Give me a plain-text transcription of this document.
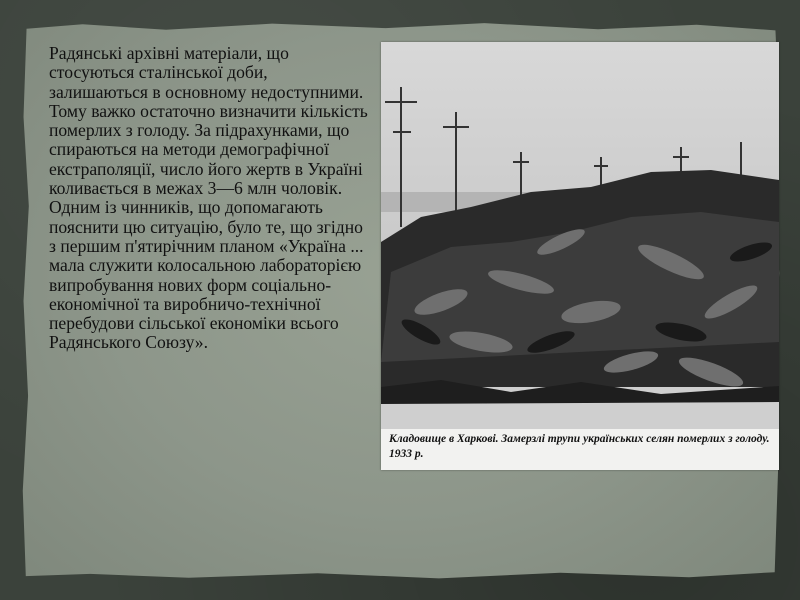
Радянські архівні матеріали, що стосуються сталінської доби, залишаються в основному недоступними. Тому важко остаточно визначити кількість померлих з голоду. За підрахунками, що спираються на методи демографічної екстраполяції, число його жертв в Україні коливається в межах 3—6 млн чоловік. Одним із чинників, що допомагають пояснити цю ситуацію, було те, що згідно з першим п'ятирічним планом «Україна ... мала служити колосальною лабораторією випробування нових форм соціально-економічної та виробничо-технічної перебудови сільської економіки всього Радянського Союзу».

Кладовище в Харкові. Замерзлі трупи українських селян померлих з голоду. 1933 р.
